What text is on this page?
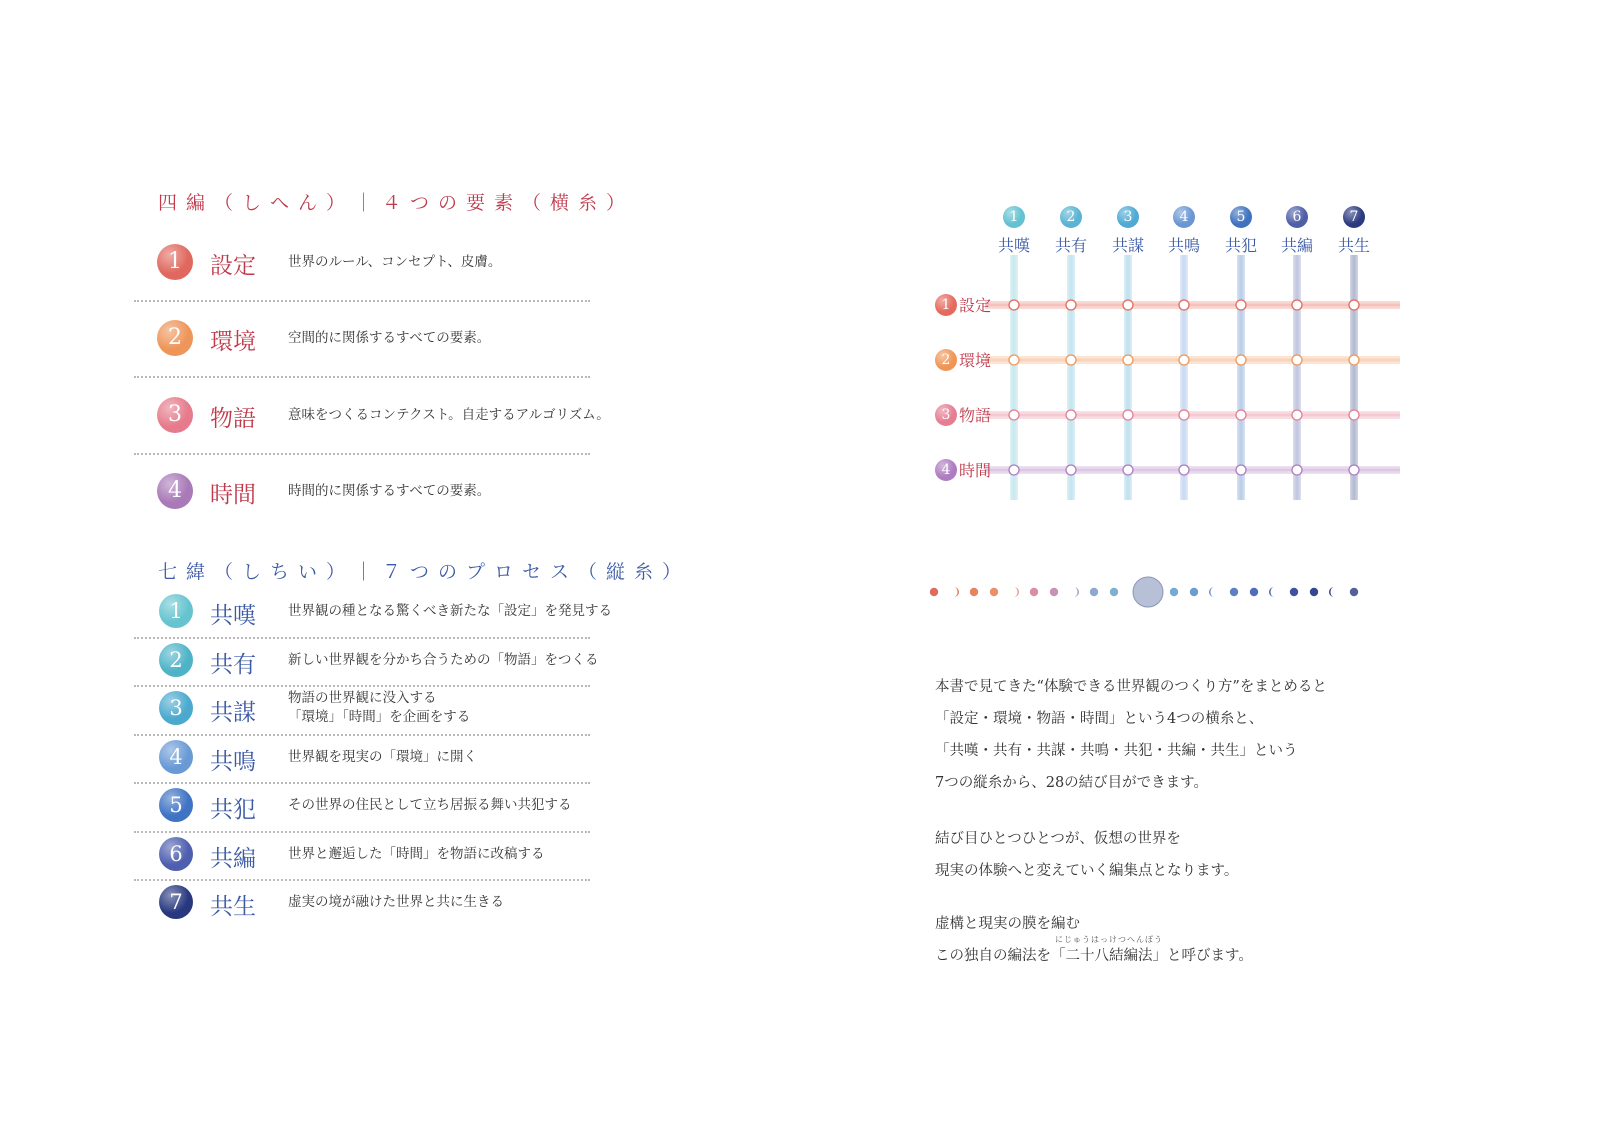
四編（しへん）｜４つの要素（横糸）
1	設定 世界のルール、コンセプト、皮膚。
2	環境 空間的に関係するすべての要素。
3	物語 意味をつくるコンテクスト。自走するアルゴリズム。
4	時間 時間的に関係するすべての要素。
七緯（しちい）｜７つのプロセス（縦糸）
1	共嘆 世界観の種となる驚くべき新たな「設定」を発見する
2	共有 新しい世界観を分かち合うための「物語」をつくる
3	共謀
物語の世界観に没入する
「環境」「時間」を企画をする
4	共鳴 世界観を現実の「環境」に開く
5	共犯 その世界の住民として立ち居振る舞い共犯する
6	共編 世界と邂逅した「時間」を物語に改稿する
7	共生 虚実の境が融けた世界と共に生きる
1
共嘆
2
共有
3
共謀
4
共鳴
5
共犯
6
共編
7
共生
1 設定
2 環境
3 物語
4 時間
本書で見てきた“体験できる世界観のつくり方”をまとめると
「設定・環境・物語・時間」という4つの横糸と、
「共嘆・共有・共謀・共鳴・共犯・共編・共生」という
7つの縦糸から、28の結び目ができます。
結び目ひとつひとつが、仮想の世界を
現実の体験へと変えていく編集点となります。
虚構と現実の膜を編む
にじゅうはっけつへんぽう
この独自の編法を「二十八結編法」と呼びます。
